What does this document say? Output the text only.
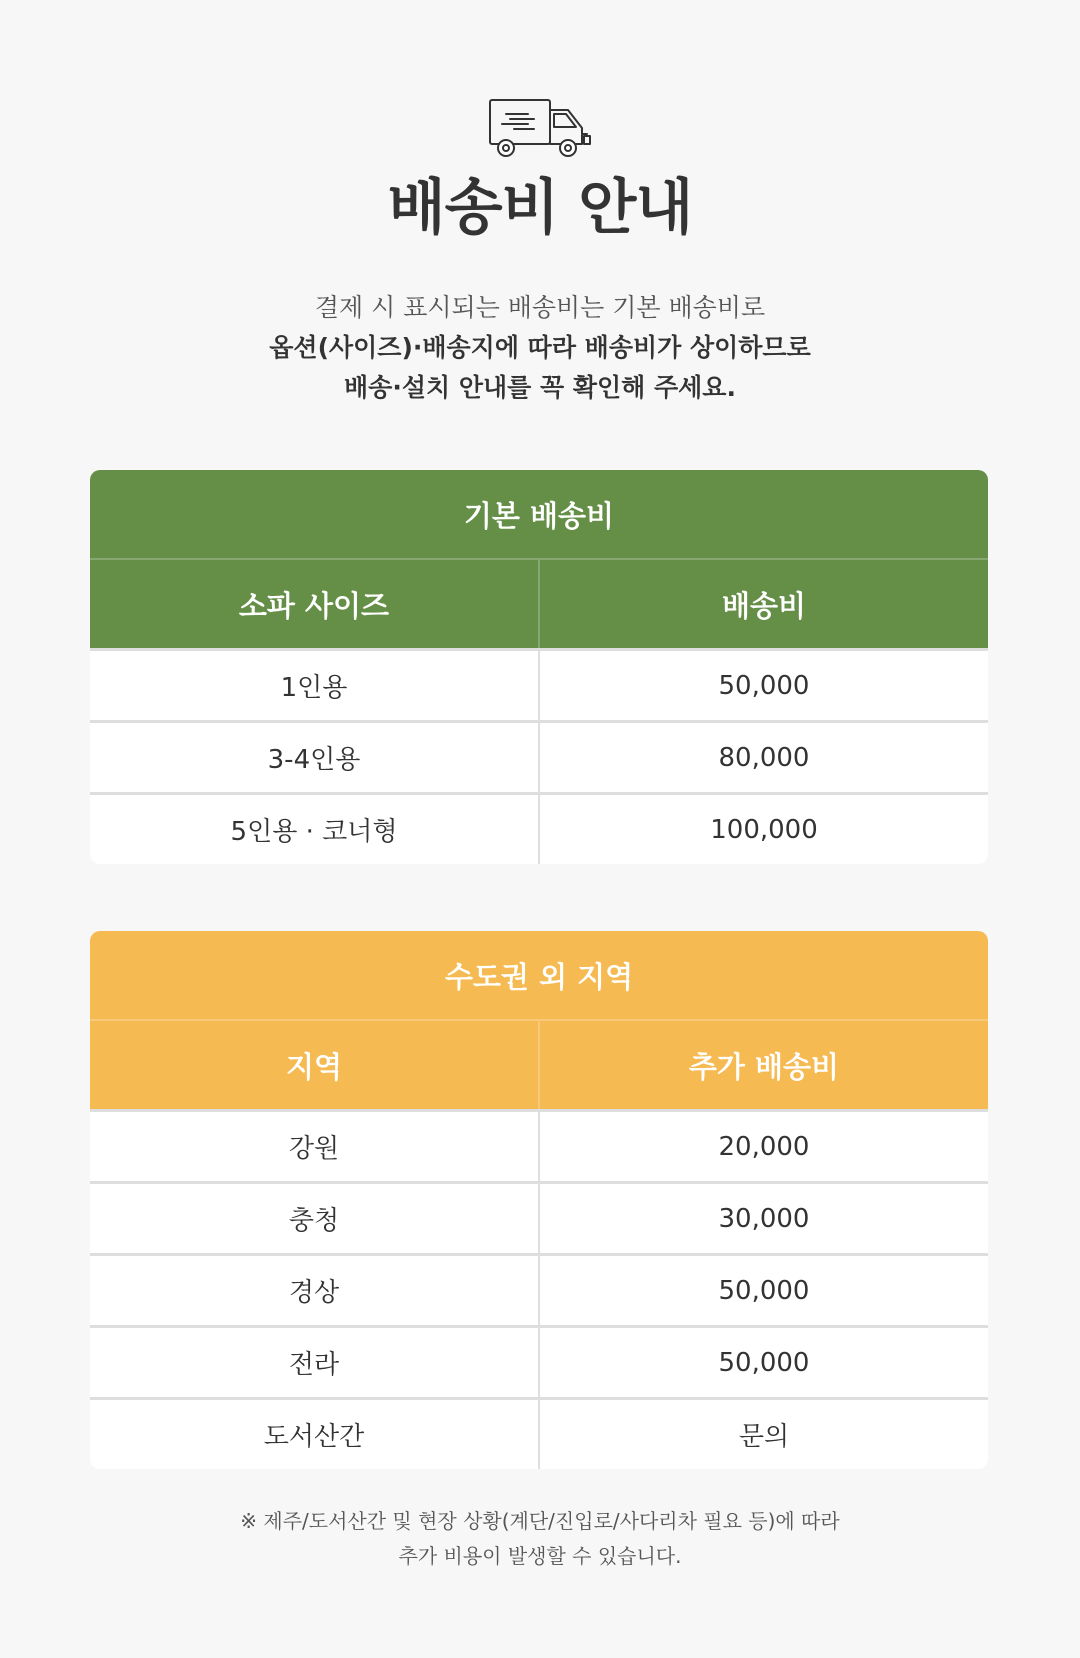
배송비 안내
결제 시 표시되는 배송비는 기본 배송비로
옵션(사이즈)·배송지에 따라 배송비가 상이하므로
배송·설치 안내를 꼭 확인해 주세요.
기본 배송비
소파 사이즈	배송비
1인용	50,000
3-4인용	80,000
5인용 · 코너형	100,000
수도권 외 지역
지역	추가 배송비
강원	20,000
충청	30,000
경상	50,000
전라	50,000
도서산간	문의
※ 제주/도서산간 및 현장 상황(계단/진입로/사다리차 필요 등)에 따라
추가 비용이 발생할 수 있습니다.
